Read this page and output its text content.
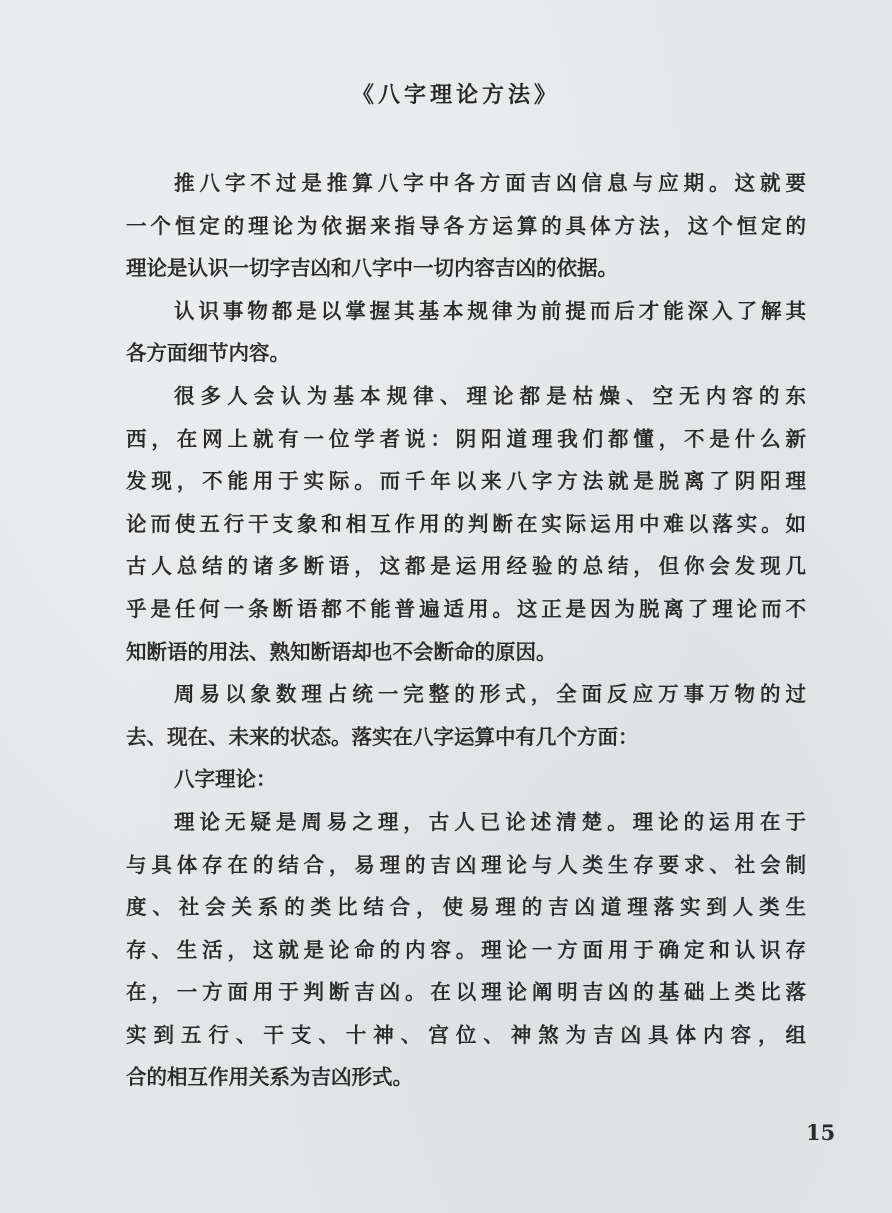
《八字理论方法》
推八字不过是推算八字中各方面吉凶信息与应期。这就要
一个恒定的理论为依据来指导各方运算的具体方法，这个恒定的
理论是认识一切字吉凶和八字中一切内容吉凶的依据。
认识事物都是以掌握其基本规律为前提而后才能深入了解其
各方面细节内容。
很多人会认为基本规律、理论都是枯燥、空无内容的东
西，在网上就有一位学者说：阴阳道理我们都懂，不是什么新
发现，不能用于实际。而千年以来八字方法就是脱离了阴阳理
论而使五行干支象和相互作用的判断在实际运用中难以落实。如
古人总结的诸多断语，这都是运用经验的总结，但你会发现几
乎是任何一条断语都不能普遍适用。这正是因为脱离了理论而不
知断语的用法、熟知断语却也不会断命的原因。
周易以象数理占统一完整的形式，全面反应万事万物的过
去、现在、未来的状态。落实在八字运算中有几个方面：
八字理论：
理论无疑是周易之理，古人已论述清楚。理论的运用在于
与具体存在的结合，易理的吉凶理论与人类生存要求、社会制
度、社会关系的类比结合，使易理的吉凶道理落实到人类生
存、生活，这就是论命的内容。理论一方面用于确定和认识存
在，一方面用于判断吉凶。在以理论阐明吉凶的基础上类比落
实到五行、干支、十神、宫位、神煞为吉凶具体内容，组
合的相互作用关系为吉凶形式。
15
